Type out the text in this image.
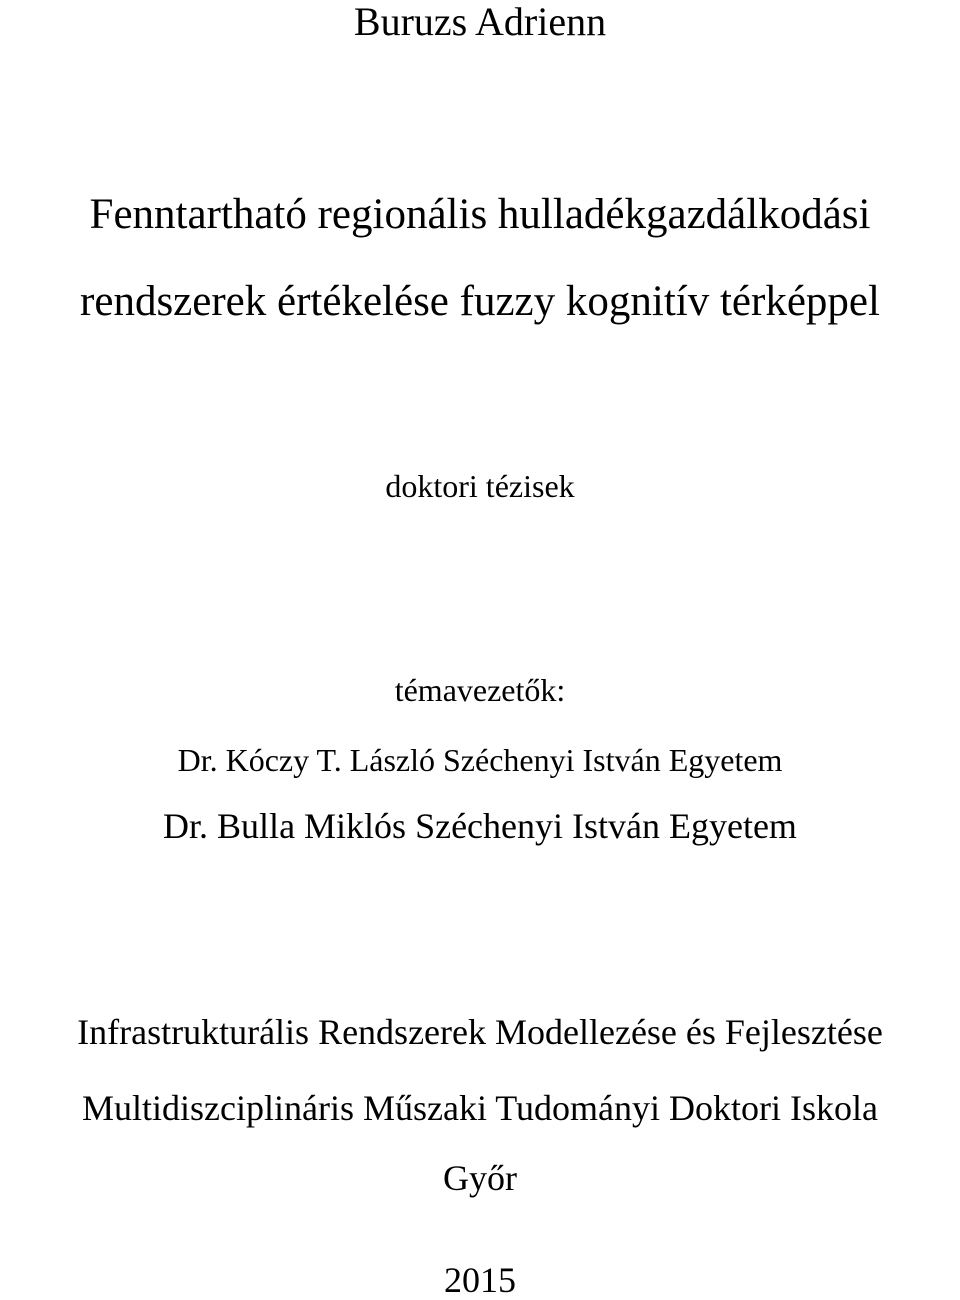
Buruzs Adrienn
Fenntartható regionális hulladékgazdálkodási
rendszerek értékelése fuzzy kognitív térképpel
doktori tézisek
témavezetők:
Dr. Kóczy T. László Széchenyi István Egyetem
Dr. Bulla Miklós Széchenyi István Egyetem
Infrastrukturális Rendszerek Modellezése és Fejlesztése
Multidiszciplináris Műszaki Tudományi Doktori Iskola
Győr
2015
